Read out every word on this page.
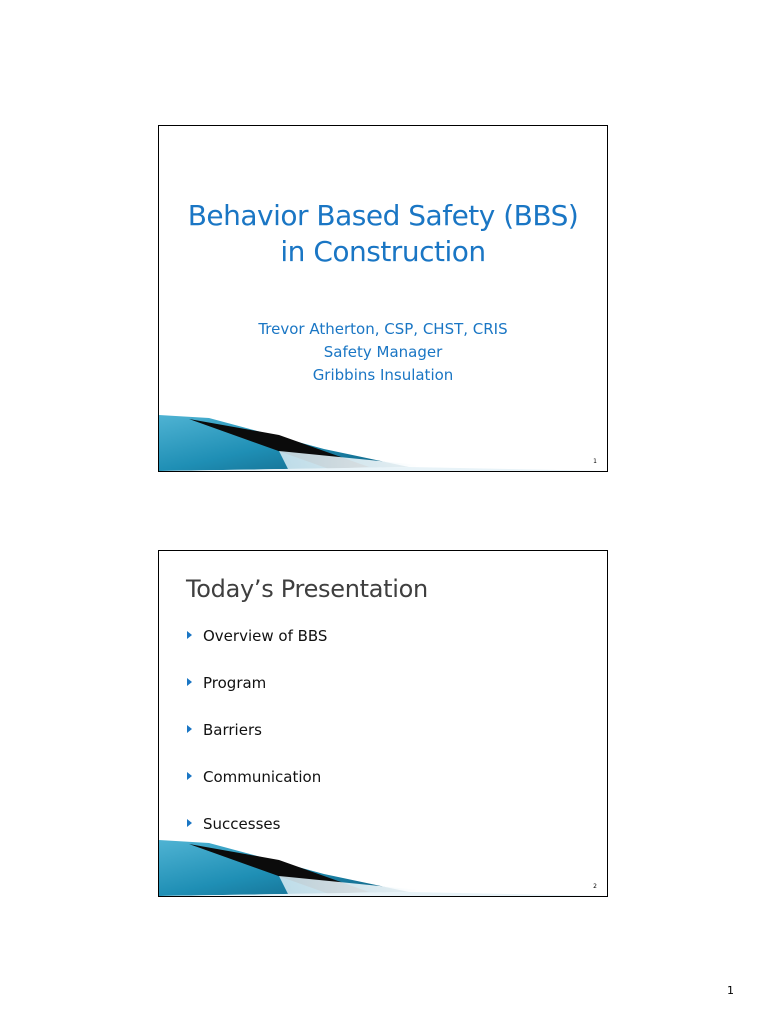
Behavior Based Safety (BBS)
in Construction
Trevor Atherton, CSP, CHST, CRIS
Safety Manager
Gribbins Insulation
1
Today’s Presentation
Overview of BBS
Program
Barriers
Communication
Successes
2
1
